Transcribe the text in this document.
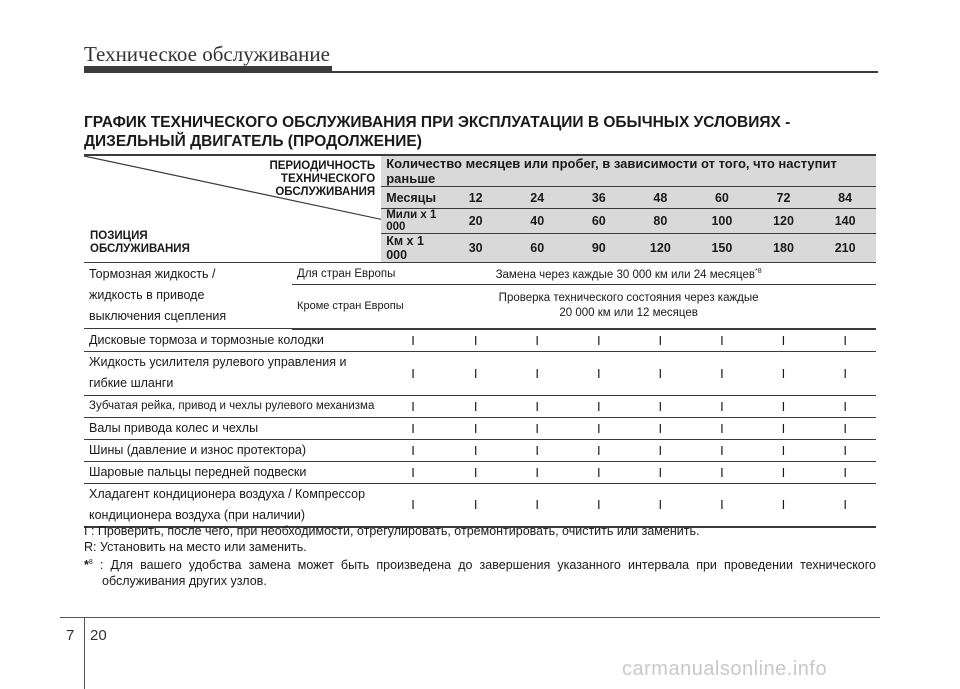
Техническое обслуживание
ГРАФИК ТЕХНИЧЕСКОГО ОБСЛУЖИВАНИЯ ПРИ ЭКСПЛУАТАЦИИ В ОБЫЧНЫХ УСЛОВИЯХ - ДИЗЕЛЬНЫЙ ДВИГАТЕЛЬ (ПРОДОЛЖЕНИЕ)
ПЕРИОДИЧНОСТЬ ТЕХНИЧЕСКОГО ОБСЛУЖИВАНИЯ
ПОЗИЦИЯ ОБСЛУЖИВАНИЯ		Количество месяцев или пробег, в зависимости от того, что наступит раньше							
		Месяцы	12	24	36	48	60	72	84
		Мили x 1 000	20	40	60	80	100	120	140
		Км x 1 000	30	60	90	120	150	180	210

Тормозная жидкость /
жидкость в приводе
выключения сцепления	Для стран Европы	Замена через каждые 30 000 км или 24 месяцев$^{*8}$
	Кроме стран Европы	Проверка технического состояния через каждые
20 000 км или 12 месяцев							

Дисковые тормоза и тормозные колодки		I	I	I	I	I	I	I	I
Жидкость усилителя рулевого управления и гибкие шланги		I	I	I	I	I	I	I	I
Зубчатая рейка, привод и чехлы рулевого механизма		I	I	I	I	I	I	I	I
Валы привода колес и чехлы		I	I	I	I	I	I	I	I
Шины (давление и износ протектора)		I	I	I	I	I	I	I	I
Шаровые пальцы передней подвески		I	I	I	I	I	I	I	I
Хладагент кондиционера воздуха / Компрессор кондиционера воздуха (при наличии)		I	I	I	I	I	I	I	I

I : Проверить, после чего, при необходимости, отрегулировать, отремонтировать, очистить или заменить.

R: Установить на место или заменить.

*$^8$ : Для вашего удобства замена может быть произведена до завершения указанного интервала при проведении технического обслуживания других узлов.

7 20
carmanualsonline.info
